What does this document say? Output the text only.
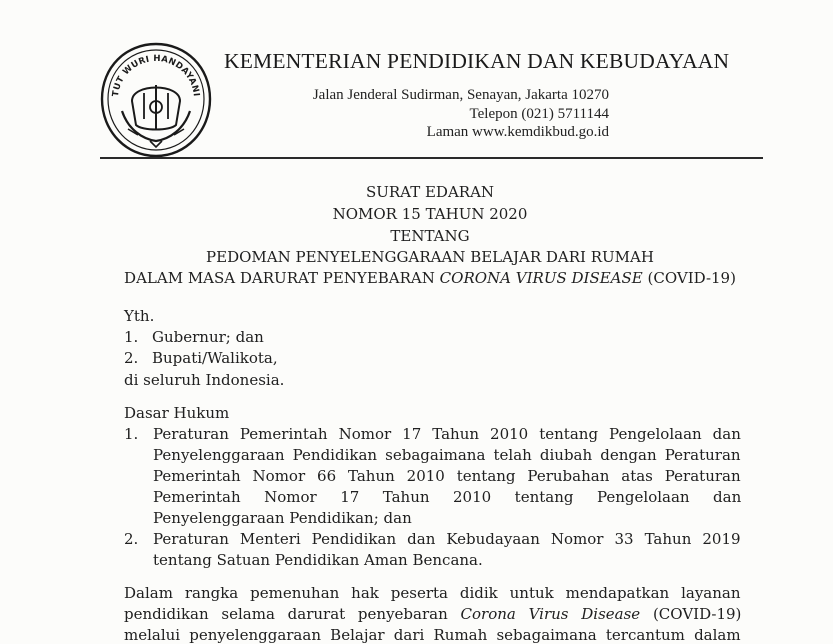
TUT WURI HANDAYANI
KEMENTERIAN PENDIDIKAN DAN KEBUDAYAAN
Jalan Jenderal Sudirman, Senayan, Jakarta 10270
Telepon (021) 5711144
Laman www.kemdikbud.go.id
SURAT EDARAN
NOMOR 15 TAHUN 2020
TENTANG
PEDOMAN PENYELENGGARAAN BELAJAR DARI RUMAH
DALAM MASA DARURAT PENYEBARAN CORONA VIRUS DISEASE (COVID-19)
Yth.
1. Gubernur; dan
2. Bupati/Walikota,
di seluruh Indonesia.
Dasar Hukum
1. Peraturan Pemerintah Nomor 17 Tahun 2010 tentang Pengelolaan dan
Penyelenggaraan Pendidikan sebagaimana telah diubah dengan Peraturan
Pemerintah Nomor 66 Tahun 2010 tentang Perubahan atas Peraturan
Pemerintah Nomor 17 Tahun 2010 tentang Pengelolaan dan
Penyelenggaraan Pendidikan; dan
2. Peraturan Menteri Pendidikan dan Kebudayaan Nomor 33 Tahun 2019
tentang Satuan Pendidikan Aman Bencana.
Dalam rangka pemenuhan hak peserta didik untuk mendapatkan layanan
pendidikan selama darurat penyebaran Corona Virus Disease (COVID-19)
melalui penyelenggaraan Belajar dari Rumah sebagaimana tercantum dalam
